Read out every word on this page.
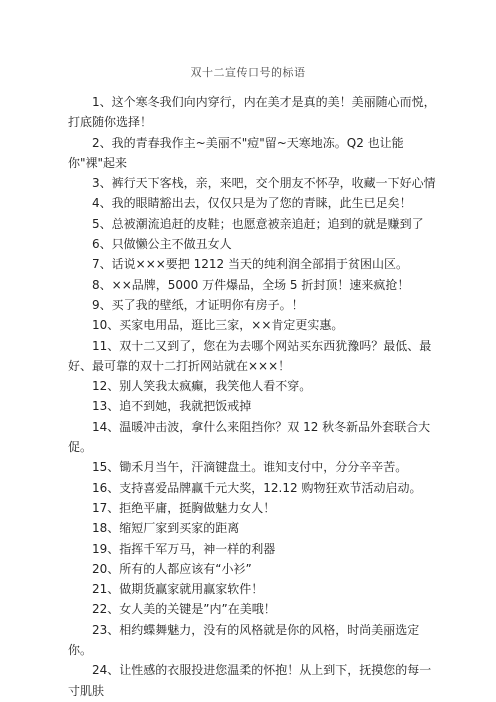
双十二宣传口号的标语
1、这个寒冬我们向内穿行，内在美才是真的美！美丽随心而悦，打底随你选择！
2、我的青春我作主~美丽不"痘"留~天寒地冻。Q2 也让能你"裸"起来
3、裤行天下客栈，亲，来吧，交个朋友不怀孕，收藏一下好心情
4、我的眼睛豁出去，仅仅只是为了您的青睐，此生已足矣！
5、总被潮流追赶的皮鞋；也愿意被亲追赶；追到的就是赚到了
6、只做懒公主不做丑女人
7、话说×××要把 1212 当天的纯利润全部捐于贫困山区。
8、××品牌，5000 万件爆品，全场 5 折封顶！速来疯抢！
9、买了我的壁纸，才证明你有房子。！
10、买家电用品，逛比三家，××肯定更实惠。
11、双十二又到了，您在为去哪个网站买东西犹豫吗？最低、最好、最可靠的双十二打折网站就在×××！
12、别人笑我太疯癫，我笑他人看不穿。
13、追不到她，我就把饭戒掉
14、温暖冲击波，拿什么来阻挡你？双 12 秋冬新品外套联合大促。
15、锄禾月当午，汗滴键盘土。谁知支付中，分分辛辛苦。
16、支持喜爱品牌赢千元大奖，12.12 购物狂欢节活动启动。
17、拒绝平庸，挺胸做魅力女人！
18、缩短厂家到买家的距离
19、指挥千军万马，神一样的利器
20、所有的人都应该有“小衫”
21、做期货赢家就用赢家软件！
22、女人美的关键是”内”在美哦！
23、相约蝶舞魅力，没有的风格就是你的风格，时尚美丽选定你。
24、让性感的衣服投进您温柔的怀抱！从上到下，抚摸您的每一寸肌肤
